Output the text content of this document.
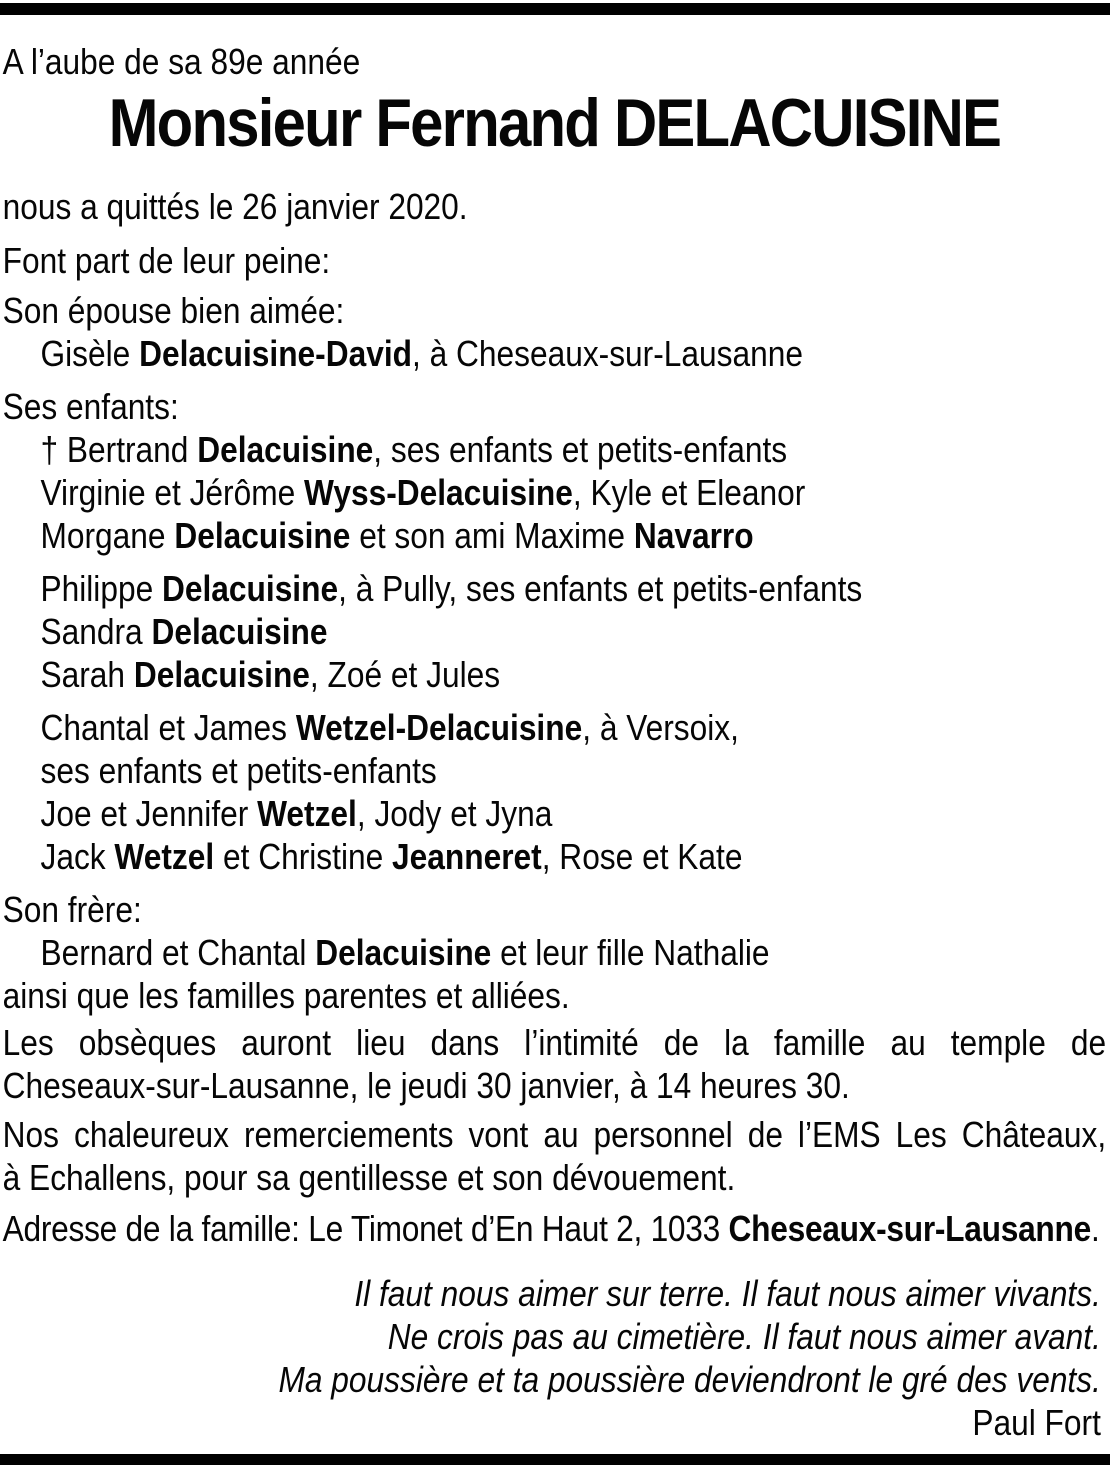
A l’aube de sa 89e année
Monsieur Fernand DELACUISINE
nous a quittés le 26 janvier 2020.
Font part de leur peine:
Son épouse bien aimée:
Gisèle Delacuisine-David, à Cheseaux-sur-Lausanne
Ses enfants:
† Bertrand Delacuisine, ses enfants et petits-enfants
Virginie et Jérôme Wyss-Delacuisine, Kyle et Eleanor
Morgane Delacuisine et son ami Maxime Navarro
Philippe Delacuisine, à Pully, ses enfants et petits-enfants
Sandra Delacuisine
Sarah Delacuisine, Zoé et Jules
Chantal et James Wetzel-Delacuisine, à Versoix,
ses enfants et petits-enfants
Joe et Jennifer Wetzel, Jody et Jyna
Jack Wetzel et Christine Jeanneret, Rose et Kate
Son frère:
Bernard et Chantal Delacuisine et leur fille Nathalie
ainsi que les familles parentes et alliées.
Les obsèques auront lieu dans l’intimité de la famille au temple de
Cheseaux-sur-Lausanne, le jeudi 30 janvier, à 14 heures 30.
Nos chaleureux remerciements vont au personnel de l’EMS Les Châteaux,
à Echallens, pour sa gentillesse et son dévouement.
Adresse de la famille: Le Timonet d’En Haut 2, 1033 Cheseaux-sur-Lausanne.
Il faut nous aimer sur terre. Il faut nous aimer vivants.
Ne crois pas au cimetière. Il faut nous aimer avant.
Ma poussière et ta poussière deviendront le gré des vents.
Paul Fort
